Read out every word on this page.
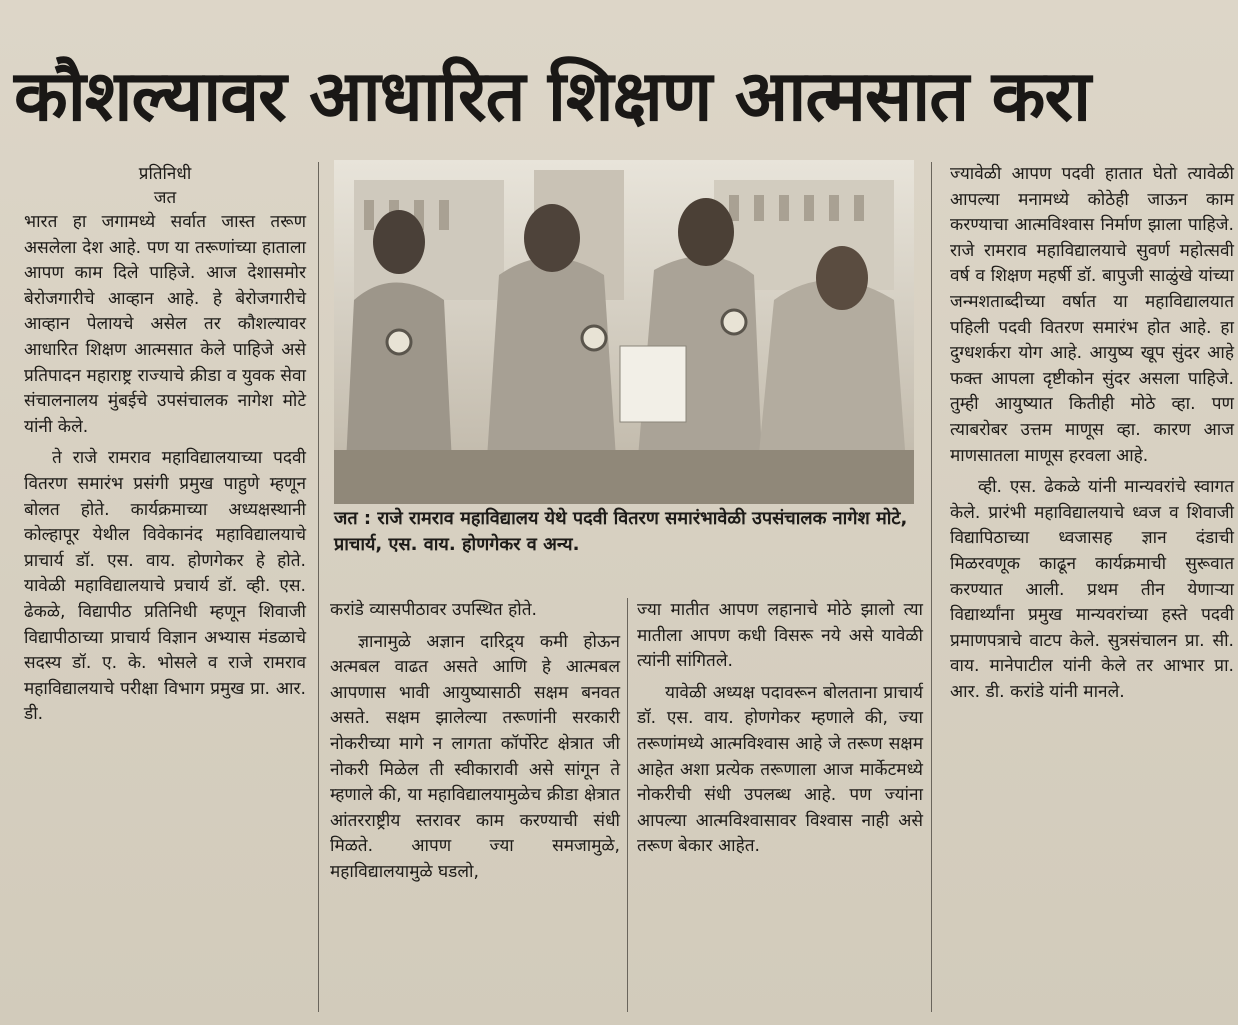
कौशल्यावर आधारित शिक्षण आत्मसात करा
प्रतिनिधी
जत

भारत हा जगामध्ये सर्वात जास्त तरूण असलेला देश आहे. पण या तरूणांच्या हाताला आपण काम दिले पाहिजे. आज देशासमोर बेरोजगारीचे आव्हान आहे. हे बेरोजगारीचे आव्हान पेलायचे असेल तर कौशल्यावर आधारित शिक्षण आत्मसात केले पाहिजे असे प्रतिपादन महाराष्ट्र राज्याचे क्रीडा व युवक सेवा संचालनालय मुंबईचे उपसंचालक नागेश मोटे यांनी केले.

ते राजे रामराव महाविद्यालयाच्या पदवी वितरण समारंभ प्रसंगी प्रमुख पाहुणे म्हणून बोलत होते. कार्यक्रमाच्या अध्यक्षस्थानी कोल्हापूर येथील विवेकानंद महाविद्यालयाचे प्राचार्य डॉ. एस. वाय. होणगेकर हे होते. यावेळी महाविद्यालयाचे प्रचार्य डॉ. व्ही. एस. ढेकळे, विद्यापीठ प्रतिनिधी म्हणून शिवाजी विद्यापीठाच्या प्राचार्य विज्ञान अभ्यास मंडळाचे सदस्य डॉ. ए. के. भोसले व राजे रामराव महाविद्यालयाचे परीक्षा विभाग प्रमुख प्रा. आर. डी.

जत : राजे रामराव महाविद्यालय येथे पदवी वितरण समारंभावेळी उपसंचालक नागेश मोटे, प्राचार्य, एस. वाय. होणगेकर व अन्य.

करांडे व्यासपीठावर उपस्थित होते.

ज्ञानामुळे अज्ञान दारिद्र्य कमी होऊन अत्मबल वाढत असते आणि हे आत्मबल आपणास भावी आयुष्यासाठी सक्षम बनवत असते. सक्षम झालेल्या तरूणांनी सरकारी नोकरीच्या मागे न लागता कॉर्पोरेट क्षेत्रात जी नोकरी मिळेल ती स्वीकारावी असे सांगून ते म्हणाले की, या महाविद्यालयामुळेच क्रीडा क्षेत्रात आंतरराष्ट्रीय स्तरावर काम करण्याची संधी मिळते. आपण ज्या समजामुळे, महाविद्यालयामुळे घडलो,

ज्या मातीत आपण लहानाचे मोठे झालो त्या मातीला आपण कधी विसरू नये असे यावेळी त्यांनी सांगितले.

यावेळी अध्यक्ष पदावरून बोलताना प्राचार्य डॉ. एस. वाय. होणगेकर म्हणाले की, ज्या तरूणांमध्ये आत्मविश्वास आहे जे तरूण सक्षम आहेत अशा प्रत्येक तरूणाला आज मार्केटमध्ये नोकरीची संधी उपलब्ध आहे. पण ज्यांना आपल्या आत्मविश्वासावर विश्वास नाही असे तरूण बेकार आहेत.

ज्यावेळी आपण पदवी हातात घेतो त्यावेळी आपल्या मनामध्ये कोठेही जाऊन काम करण्याचा आत्मविश्वास निर्माण झाला पाहिजे. राजे रामराव महाविद्यालयाचे सुवर्ण महोत्सवी वर्ष व शिक्षण महर्षी डॉ. बापुजी साळुंखे यांच्या जन्मशताब्दीच्या वर्षात या महाविद्यालयात पहिली पदवी वितरण समारंभ होत आहे. हा दुग्धशर्करा योग आहे. आयुष्य खूप सुंदर आहे फक्त आपला दृष्टीकोन सुंदर असला पाहिजे. तुम्ही आयुष्यात कितीही मोठे व्हा. पण त्याबरोबर उत्तम माणूस व्हा. कारण आज माणसातला माणूस हरवला आहे.

व्ही. एस. ढेकळे यांनी मान्यवरांचे स्वागत केले. प्रारंभी महाविद्यालयाचे ध्वज व शिवाजी विद्यापिठाच्या ध्वजासह ज्ञान दंडाची मिळरवणूक काढून कार्यक्रमाची सुरूवात करण्यात आली. प्रथम तीन येणाऱ्या विद्यार्थ्यांना प्रमुख मान्यवरांच्या हस्ते पदवी प्रमाणपत्राचे वाटप केले. सुत्रसंचालन प्रा. सी. वाय. मानेपाटील यांनी केले तर आभार प्रा. आर. डी. करांडे यांनी मानले.
